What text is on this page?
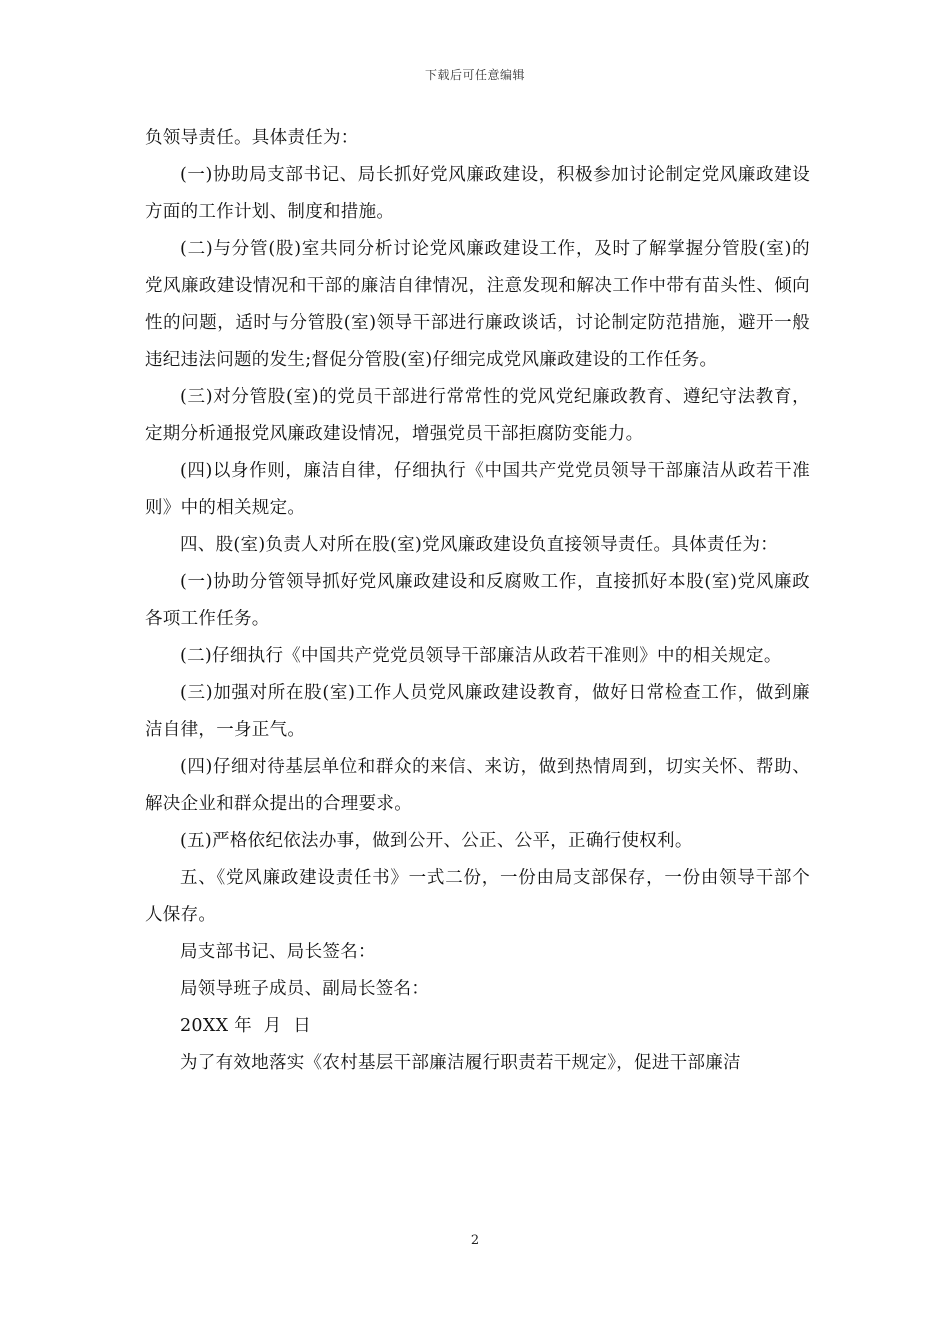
下载后可任意编辑

负领导责任。具体责任为：

(一)协助局支部书记、局长抓好党风廉政建设，积极参加讨论制定党风廉政建设方面的工作计划、制度和措施。

(二)与分管(股)室共同分析讨论党风廉政建设工作，及时了解掌握分管股(室)的党风廉政建设情况和干部的廉洁自律情况，注意发现和解决工作中带有苗头性、倾向性的问题，适时与分管股(室)领导干部进行廉政谈话，讨论制定防范措施，避开一般违纪违法问题的发生;督促分管股(室)仔细完成党风廉政建设的工作任务。

(三)对分管股(室)的党员干部进行常常性的党风党纪廉政教育、遵纪守法教育，定期分析通报党风廉政建设情况，增强党员干部拒腐防变能力。

(四)以身作则，廉洁自律，仔细执行《中国共产党党员领导干部廉洁从政若干准则》中的相关规定。

四、股(室)负责人对所在股(室)党风廉政建设负直接领导责任。具体责任为：

(一)协助分管领导抓好党风廉政建设和反腐败工作，直接抓好本股(室)党风廉政各项工作任务。

(二)仔细执行《中国共产党党员领导干部廉洁从政若干准则》中的相关规定。

(三)加强对所在股(室)工作人员党风廉政建设教育，做好日常检查工作，做到廉洁自律，一身正气。

(四)仔细对待基层单位和群众的来信、来访，做到热情周到，切实关怀、帮助、解决企业和群众提出的合理要求。

(五)严格依纪依法办事，做到公开、公正、公平，正确行使权利。

五、《党风廉政建设责任书》一式二份，一份由局支部保存，一份由领导干部个人保存。

局支部书记、局长签名：

局领导班子成员、副局长签名：

20XX 年  月  日

为了有效地落实《农村基层干部廉洁履行职责若干规定》，促进干部廉洁

2
